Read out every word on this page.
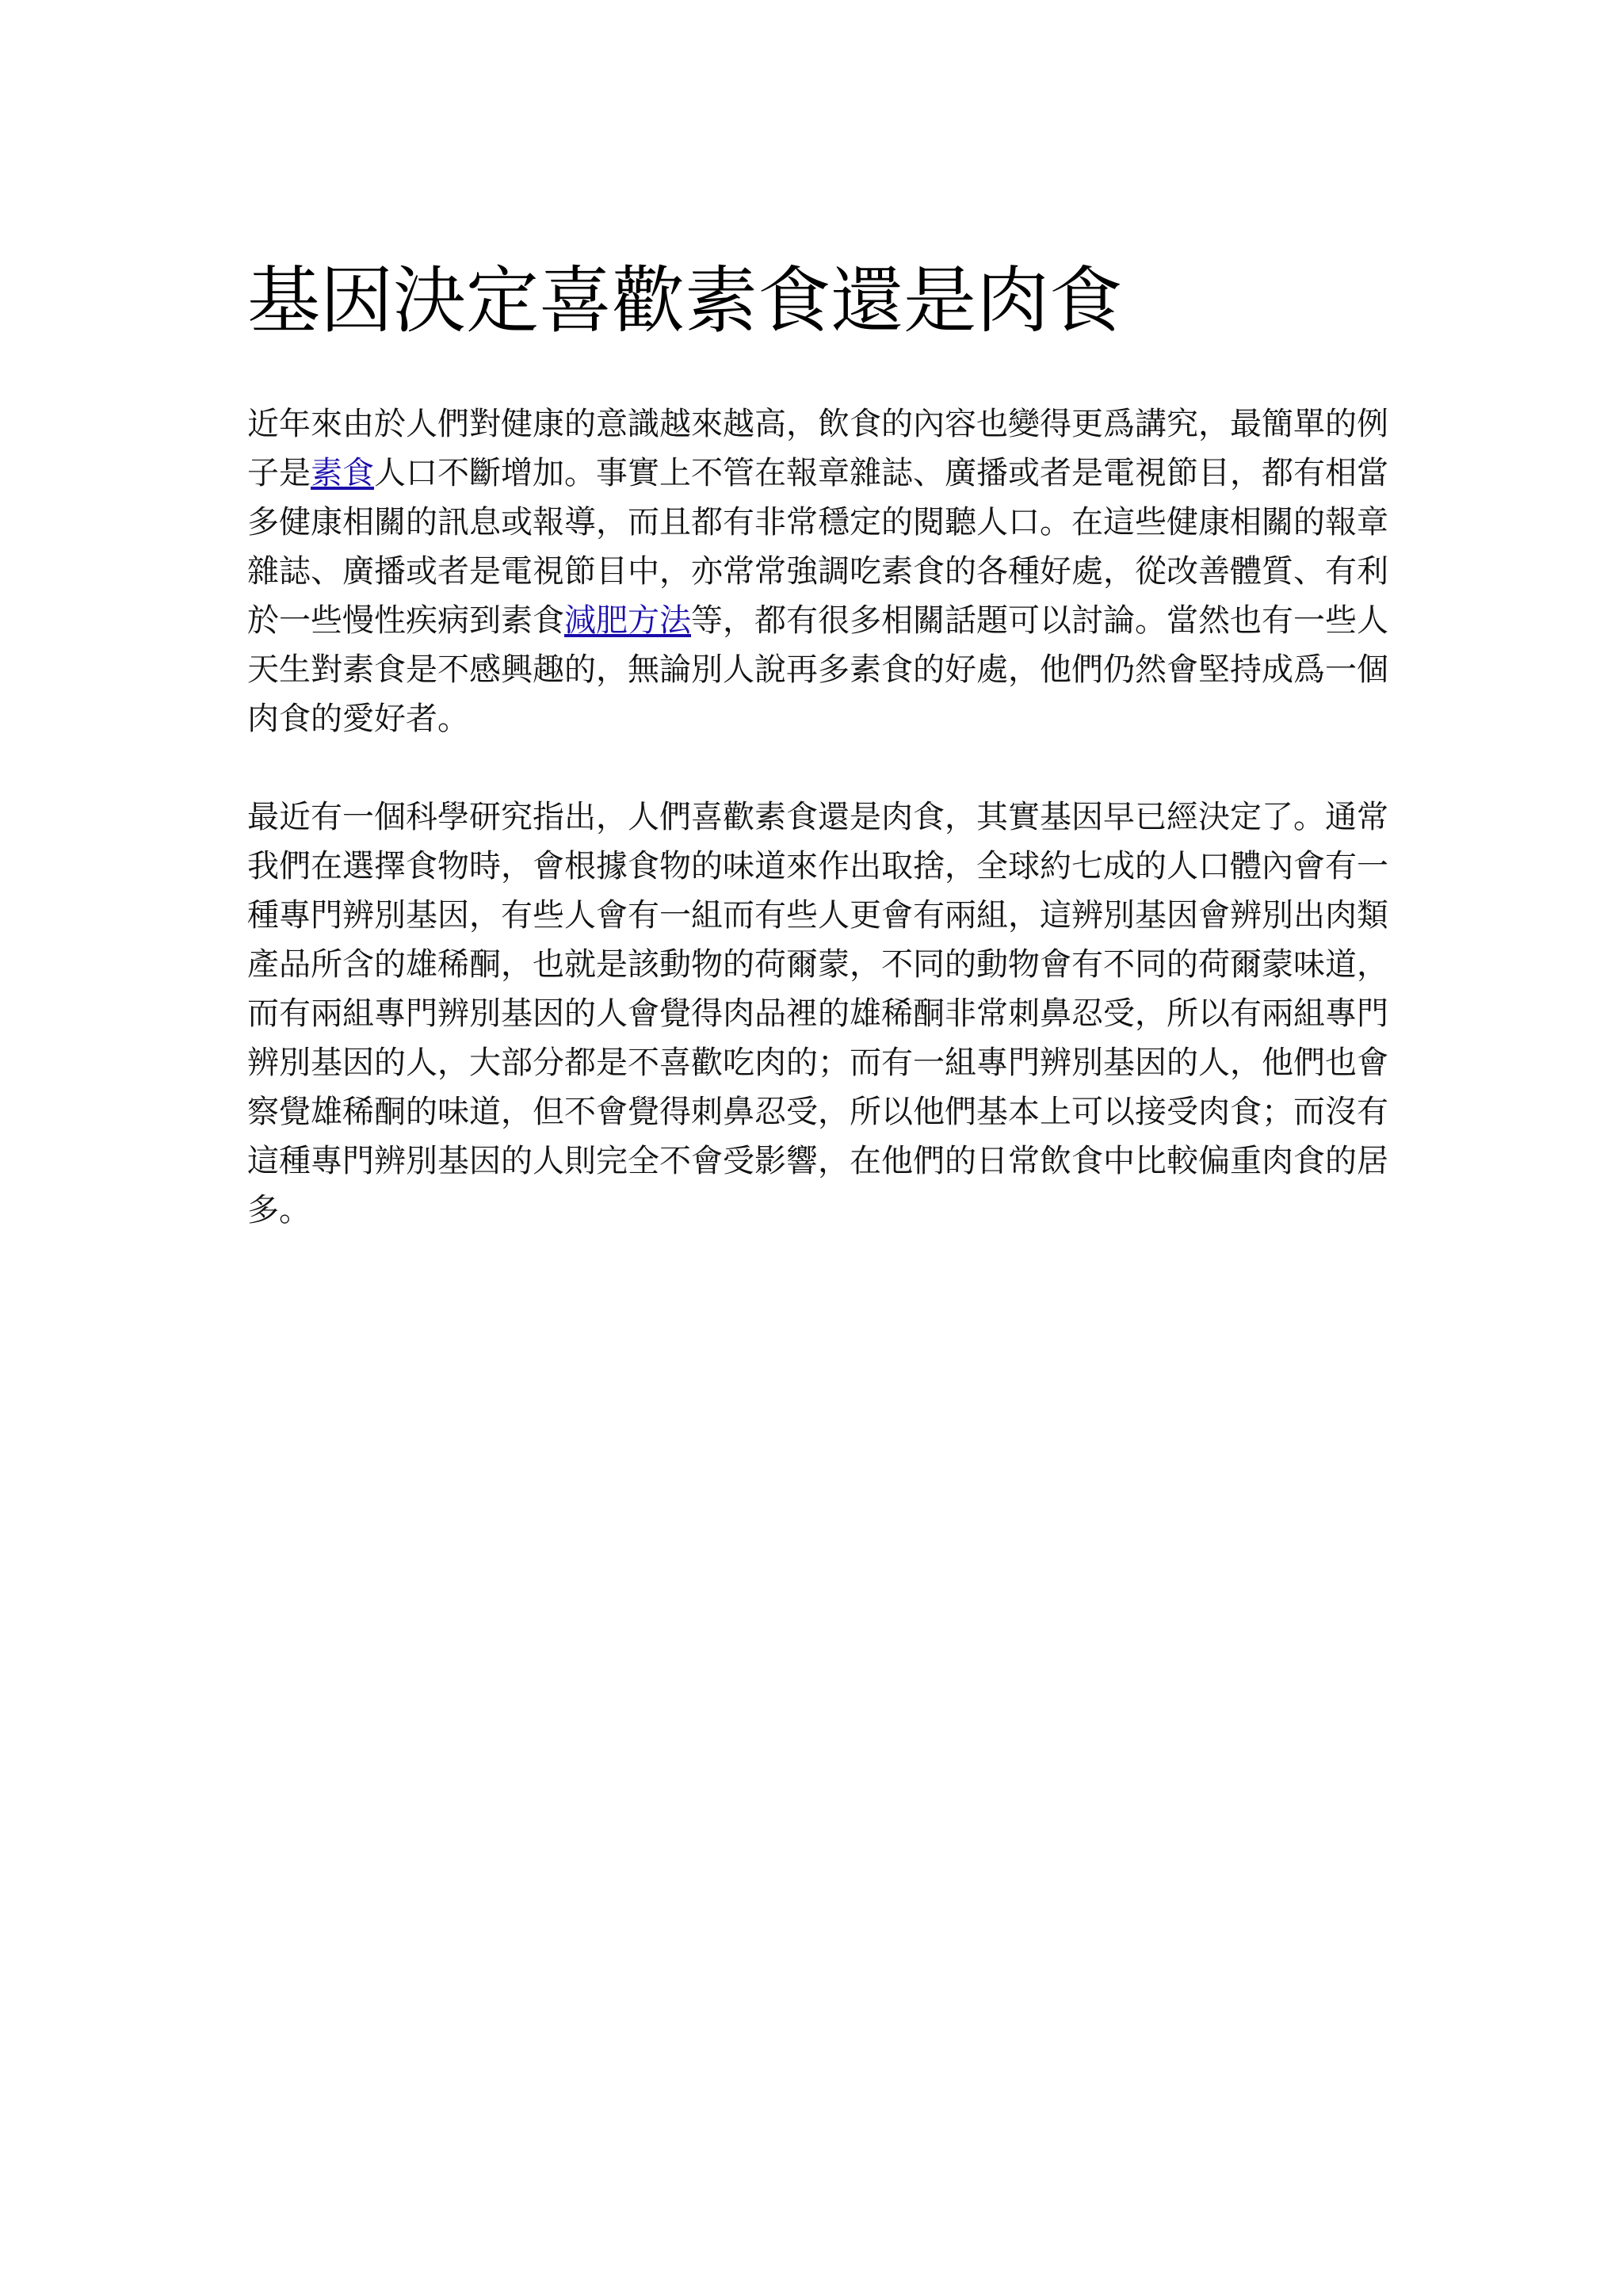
基因決定喜歡素食還是肉食

近年來由於人們對健康的意識越來越高，飲食的內容也變得更爲講究，最簡單的例子是素食人口不斷增加。事實上不管在報章雜誌、廣播或者是電視節目，都有相當多健康相關的訊息或報導，而且都有非常穩定的閱聽人口。在這些健康相關的報章雜誌、廣播或者是電視節目中，亦常常強調吃素食的各種好處，從改善體質、有利於一些慢性疾病到素食減肥方法等，都有很多相關話題可以討論。當然也有一些人天生對素食是不感興趣的，無論別人說再多素食的好處，他們仍然會堅持成爲一個肉食的愛好者。

最近有一個科學研究指出，人們喜歡素食還是肉食，其實基因早已經決定了。通常我們在選擇食物時，會根據食物的味道來作出取捨，全球約七成的人口體內會有一種專門辨別基因，有些人會有一組而有些人更會有兩組，這辨別基因會辨別出肉類產品所含的雄稀酮，也就是該動物的荷爾蒙，不同的動物會有不同的荷爾蒙味道，而有兩組專門辨別基因的人會覺得肉品裡的雄稀酮非常刺鼻忍受，所以有兩組專門辨別基因的人，大部分都是不喜歡吃肉的；而有一組專門辨別基因的人，他們也會察覺雄稀酮的味道，但不會覺得刺鼻忍受，所以他們基本上可以接受肉食；而沒有這種專門辨別基因的人則完全不會受影響，在他們的日常飲食中比較偏重肉食的居多。
